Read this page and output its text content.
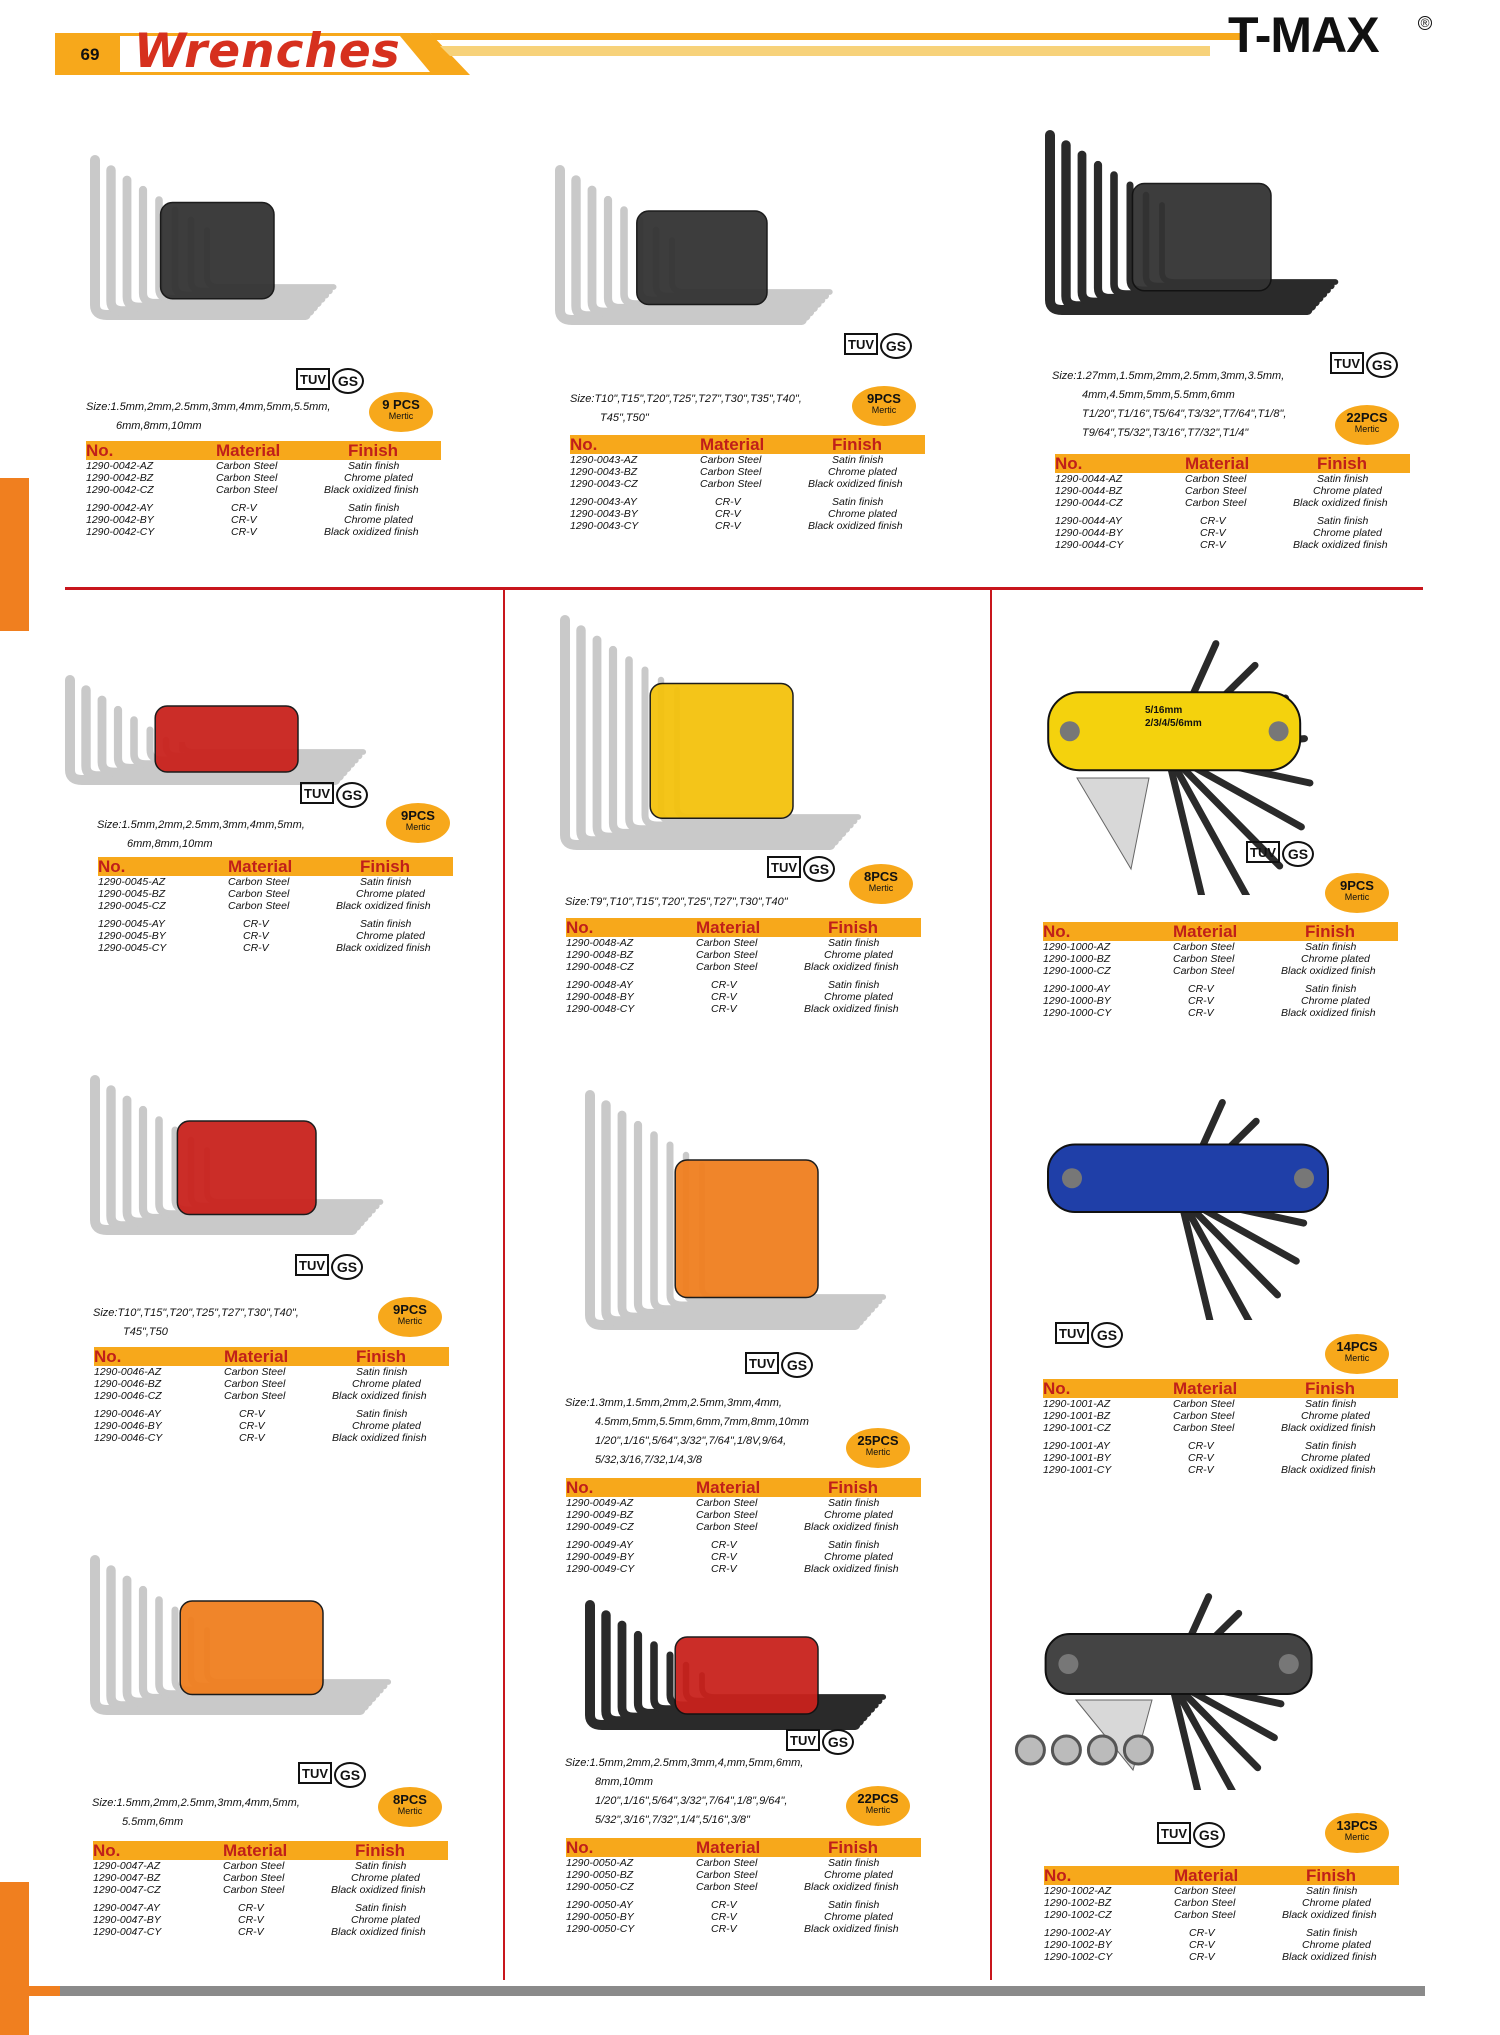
69 Wrenches	T-MAX	®
TUV GS
9 PCS
Mertic
Size:1.5mm,2mm,2.5mm,3mm,4mm,5mm,5.5mm,
6mm,8mm,10mm
No.	Material	Finish
1290-0042-AZ	Carbon Steel	Satin finish
1290-0042-BZ	Carbon Steel	Chrome plated
1290-0042-CZ	Carbon Steel	Black oxidized finish
1290-0042-AY	CR-V	Satin finish
1290-0042-BY	CR-V	Chrome plated
1290-0042-CY	CR-V	Black oxidized finish
TUV GS
9PCS
Mertic
Size:T10",T15",T20",T25",T27",T30",T35",T40",
T45",T50"
No.	Material	Finish
1290-0043-AZ	Carbon Steel	Satin finish
1290-0043-BZ	Carbon Steel	Chrome plated
1290-0043-CZ	Carbon Steel	Black oxidized finish
1290-0043-AY	CR-V	Satin finish
1290-0043-BY	CR-V	Chrome plated
1290-0043-CY	CR-V	Black oxidized finish
TUV GS
22PCS
Mertic
Size:1.27mm,1.5mm,2mm,2.5mm,3mm,3.5mm,
4mm,4.5mm,5mm,5.5mm,6mm
T1/20",T1/16",T5/64",T3/32",T7/64",T1/8",
T9/64",T5/32",T3/16",T7/32",T1/4"
No.	Material	Finish
1290-0044-AZ	Carbon Steel	Satin finish
1290-0044-BZ	Carbon Steel	Chrome plated
1290-0044-CZ	Carbon Steel	Black oxidized finish
1290-0044-AY	CR-V	Satin finish
1290-0044-BY	CR-V	Chrome plated
1290-0044-CY	CR-V	Black oxidized finish
TUV GS
9PCS
Mertic
Size:1.5mm,2mm,2.5mm,3mm,4mm,5mm,
6mm,8mm,10mm
No.	Material	Finish
1290-0045-AZ	Carbon Steel	Satin finish
1290-0045-BZ	Carbon Steel	Chrome plated
1290-0045-CZ	Carbon Steel	Black oxidized finish
1290-0045-AY	CR-V	Satin finish
1290-0045-BY	CR-V	Chrome plated
1290-0045-CY	CR-V	Black oxidized finish
TUV GS	8PCS
Mertic
Size:T9",T10",T15",T20",T25",T27",T30",T40"
No.	Material	Finish
1290-0048-AZ	Carbon Steel	Satin finish
1290-0048-BZ	Carbon Steel	Chrome plated
1290-0048-CZ	Carbon Steel	Black oxidized finish
1290-0048-AY	CR-V	Satin finish
1290-0048-BY	CR-V	Chrome plated
1290-0048-CY	CR-V	Black oxidized finish
5/16mm
2/3/4/5/6mm
TUV GS
9PCS
Mertic
No.	Material	Finish
1290-1000-AZ	Carbon Steel	Satin finish
1290-1000-BZ	Carbon Steel	Chrome plated
1290-1000-CZ	Carbon Steel	Black oxidized finish
1290-1000-AY	CR-V	Satin finish
1290-1000-BY	CR-V	Chrome plated
1290-1000-CY	CR-V	Black oxidized finish
TUV GS
9PCS
Mertic
Size:T10",T15",T20",T25",T27",T30",T40",
T45",T50
No.	Material	Finish
1290-0046-AZ	Carbon Steel	Satin finish
1290-0046-BZ	Carbon Steel	Chrome plated
1290-0046-CZ	Carbon Steel	Black oxidized finish
1290-0046-AY	CR-V	Satin finish
1290-0046-BY	CR-V	Chrome plated
1290-0046-CY	CR-V	Black oxidized finish
TUV GS
25PCS
Mertic
Size:1.3mm,1.5mm,2mm,2.5mm,3mm,4mm,
4.5mm,5mm,5.5mm,6mm,7mm,8mm,10mm
1/20",1/16",5/64",3/32",7/64",1/8V,9/64,
5/32,3/16,7/32,1/4,3/8
No.	Material	Finish
1290-0049-AZ	Carbon Steel	Satin finish
1290-0049-BZ	Carbon Steel	Chrome plated
1290-0049-CZ	Carbon Steel	Black oxidized finish
1290-0049-AY	CR-V	Satin finish
1290-0049-BY	CR-V	Chrome plated
1290-0049-CY	CR-V	Black oxidized finish
TUV GS
14PCS
Mertic
No.	Material	Finish
1290-1001-AZ	Carbon Steel	Satin finish
1290-1001-BZ	Carbon Steel	Chrome plated
1290-1001-CZ	Carbon Steel	Black oxidized finish
1290-1001-AY	CR-V	Satin finish
1290-1001-BY	CR-V	Chrome plated
1290-1001-CY	CR-V	Black oxidized finish
TUV GS
8PCS
Mertic
Size:1.5mm,2mm,2.5mm,3mm,4mm,5mm,
5.5mm,6mm
No.	Material	Finish
1290-0047-AZ	Carbon Steel	Satin finish
1290-0047-BZ	Carbon Steel	Chrome plated
1290-0047-CZ	Carbon Steel	Black oxidized finish
1290-0047-AY	CR-V	Satin finish
1290-0047-BY	CR-V	Chrome plated
1290-0047-CY	CR-V	Black oxidized finish
TUV GS
22PCS
Mertic
Size:1.5mm,2mm,2.5mm,3mm,4,mm,5mm,6mm,
8mm,10mm
1/20",1/16",5/64",3/32",7/64",1/8",9/64",
5/32",3/16",7/32",1/4",5/16",3/8"
No.	Material	Finish
1290-0050-AZ	Carbon Steel	Satin finish
1290-0050-BZ	Carbon Steel	Chrome plated
1290-0050-CZ	Carbon Steel	Black oxidized finish
1290-0050-AY	CR-V	Satin finish
1290-0050-BY	CR-V	Chrome plated
1290-0050-CY	CR-V	Black oxidized finish
TUV GS
13PCS
Mertic
No.	Material	Finish
1290-1002-AZ	Carbon Steel	Satin finish
1290-1002-BZ	Carbon Steel	Chrome plated
1290-1002-CZ	Carbon Steel	Black oxidized finish
1290-1002-AY	CR-V	Satin finish
1290-1002-BY	CR-V	Chrome plated
1290-1002-CY	CR-V	Black oxidized finish
